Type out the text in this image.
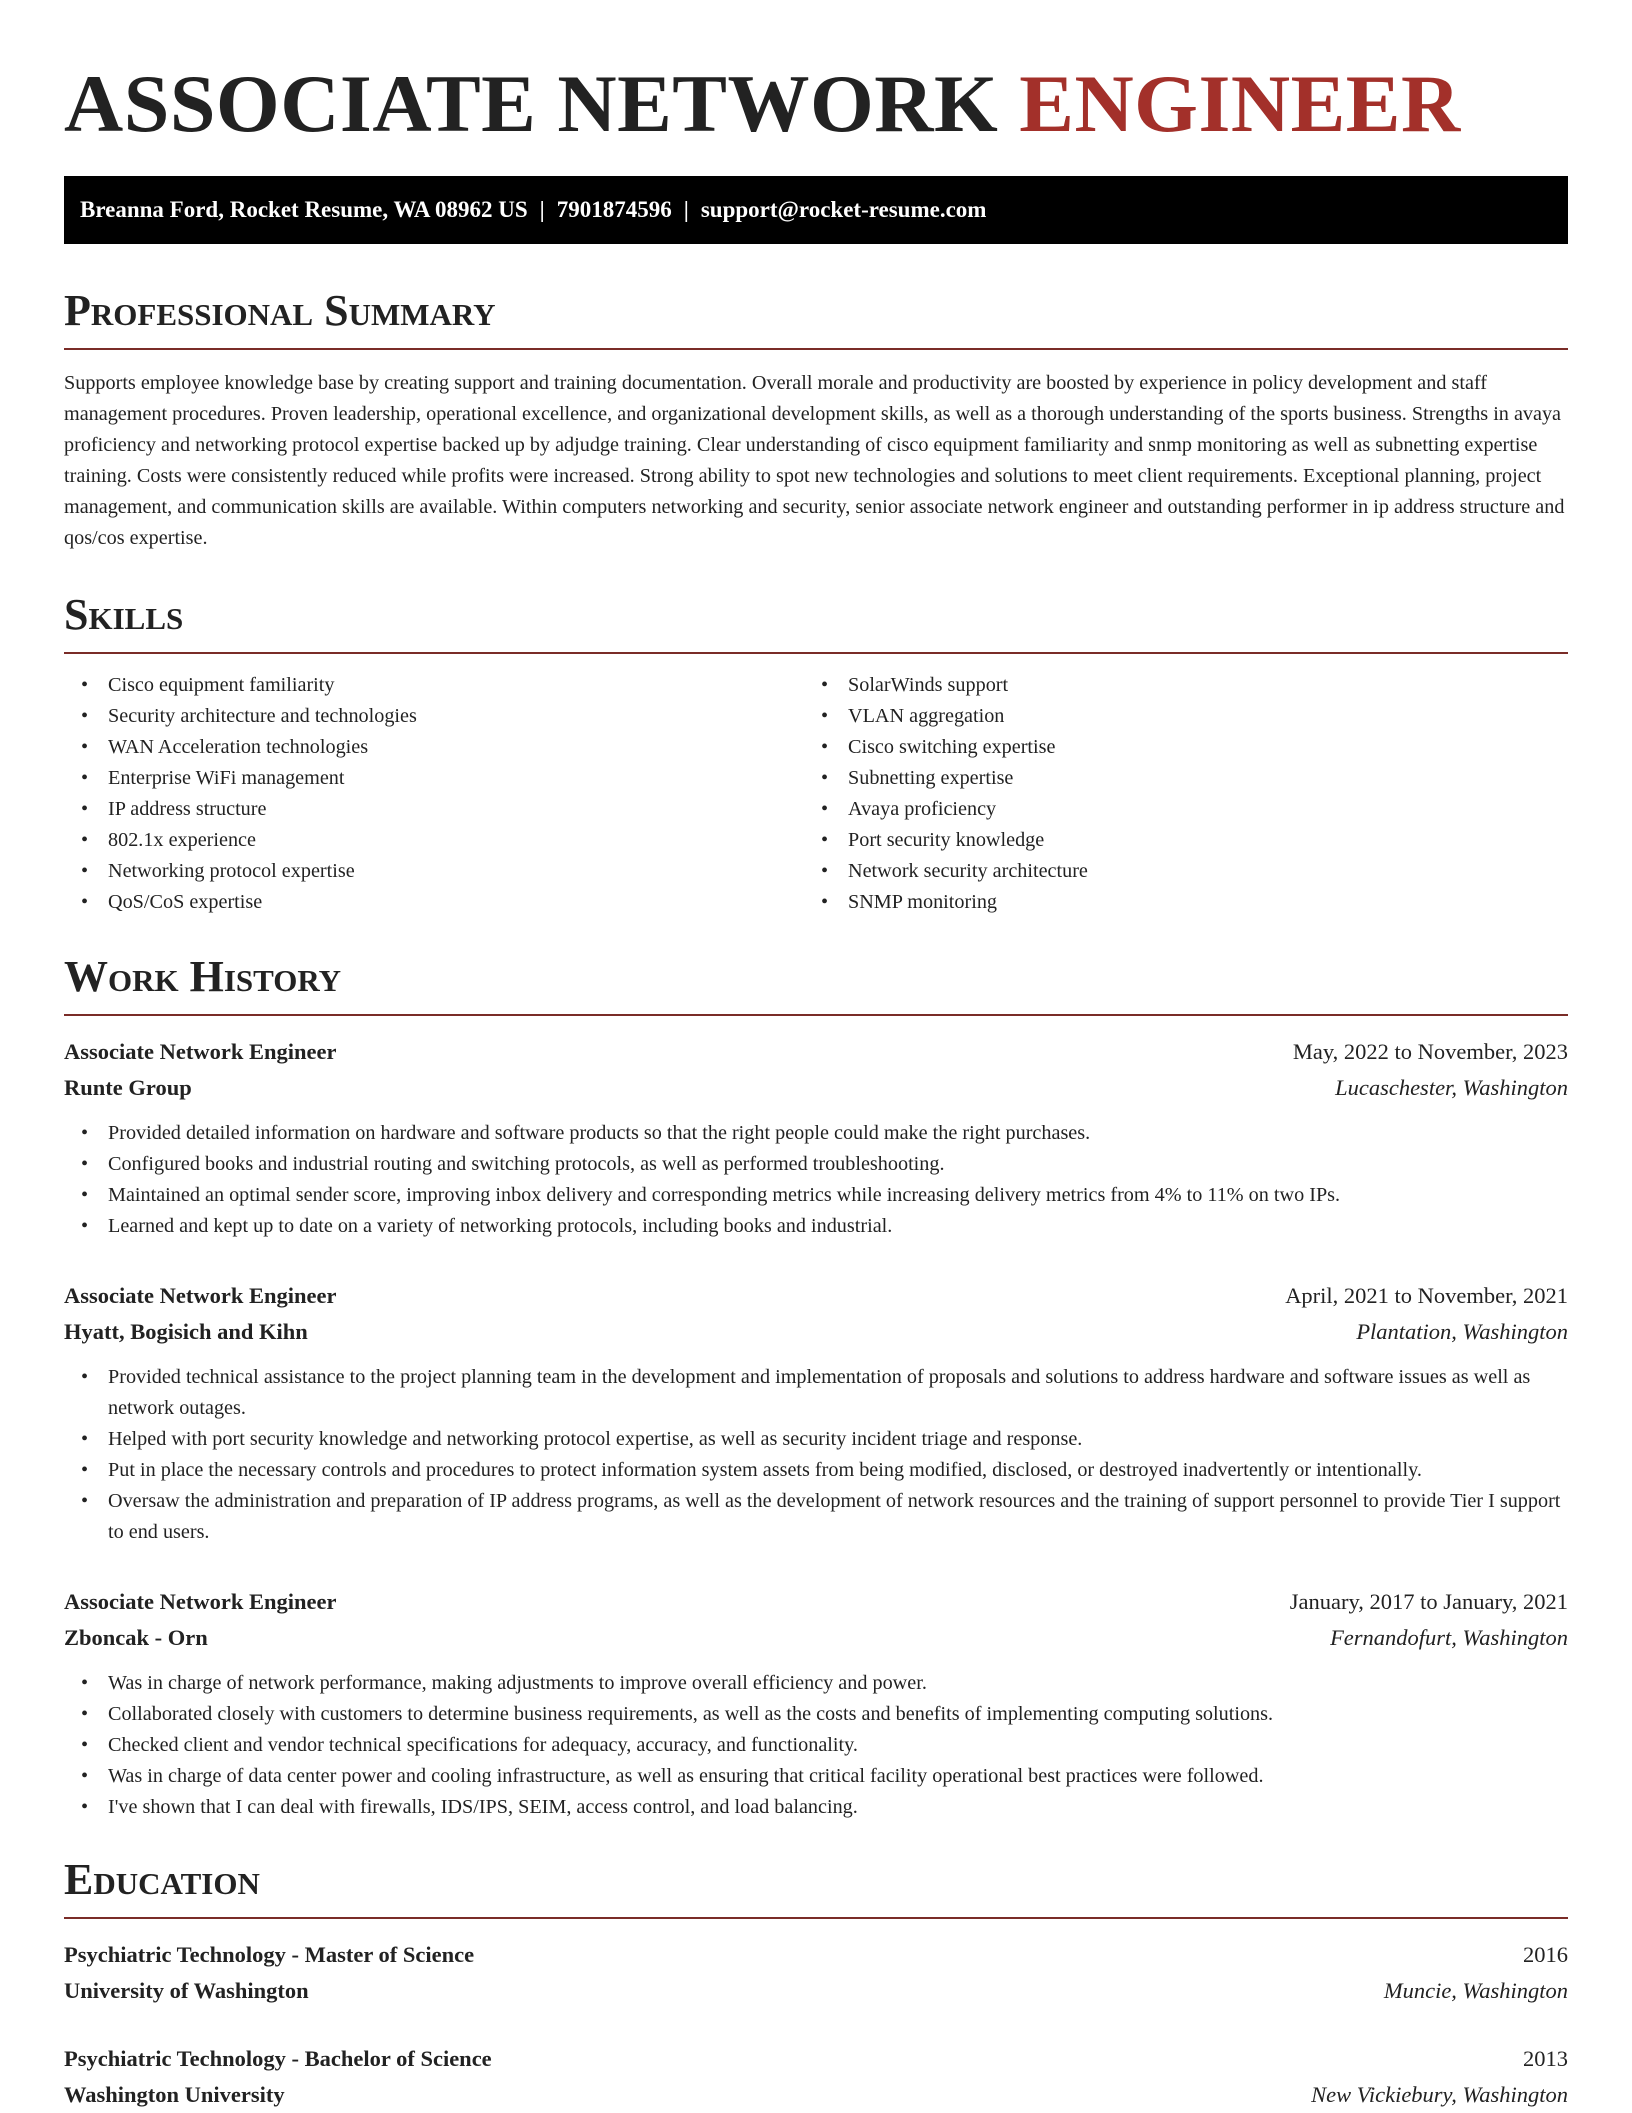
ASSOCIATE NETWORK ENGINEER
Breanna Ford, Rocket Resume, WA 08962 US | 7901874596 | support@rocket-resume.com
Professional Summary

Supports employee knowledge base by creating support and training documentation. Overall morale and productivity are boosted by experience in policy development and staff management procedures. Proven leadership, operational excellence, and organizational development skills, as well as a thorough understanding of the sports business. Strengths in avaya proficiency and networking protocol expertise backed up by adjudge training. Clear understanding of cisco equipment familiarity and snmp monitoring as well as subnetting expertise training. Costs were consistently reduced while profits were increased. Strong ability to spot new technologies and solutions to meet client requirements. Exceptional planning, project management, and communication skills are available. Within computers networking and security, senior associate network engineer and outstanding performer in ip address structure and qos/cos expertise.

Skills
• Cisco equipment familiarity
• Security architecture and technologies
• WAN Acceleration technologies
• Enterprise WiFi management
• IP address structure
• 802.1x experience
• Networking protocol expertise
• QoS/CoS expertise
• SolarWinds support
• VLAN aggregation
• Cisco switching expertise
• Subnetting expertise
• Avaya proficiency
• Port security knowledge
• Network security architecture
• SNMP monitoring
Work History
Associate Network Engineer	May, 2022 to November, 2023
Runte Group	Lucaschester, Washington
• Provided detailed information on hardware and software products so that the right people could make the right purchases.
• Configured books and industrial routing and switching protocols, as well as performed troubleshooting.
• Maintained an optimal sender score, improving inbox delivery and corresponding metrics while increasing delivery metrics from 4% to 11% on two IPs.
• Learned and kept up to date on a variety of networking protocols, including books and industrial.
Associate Network Engineer	April, 2021 to November, 2021
Hyatt, Bogisich and Kihn	Plantation, Washington
• Provided technical assistance to the project planning team in the development and implementation of proposals and solutions to address hardware and software issues as well as network outages.
• Helped with port security knowledge and networking protocol expertise, as well as security incident triage and response.
• Put in place the necessary controls and procedures to protect information system assets from being modified, disclosed, or destroyed inadvertently or intentionally.
• Oversaw the administration and preparation of IP address programs, as well as the development of network resources and the training of support personnel to provide Tier I support to end users.
Associate Network Engineer	January, 2017 to January, 2021
Zboncak - Orn	Fernandofurt, Washington
• Was in charge of network performance, making adjustments to improve overall efficiency and power.
• Collaborated closely with customers to determine business requirements, as well as the costs and benefits of implementing computing solutions.
• Checked client and vendor technical specifications for adequacy, accuracy, and functionality.
• Was in charge of data center power and cooling infrastructure, as well as ensuring that critical facility operational best practices were followed.
• I've shown that I can deal with firewalls, IDS/IPS, SEIM, access control, and load balancing.
Education
Psychiatric Technology - Master of Science	2016
University of Washington	Muncie, Washington
Psychiatric Technology - Bachelor of Science	2013
Washington University	New Vickiebury, Washington
